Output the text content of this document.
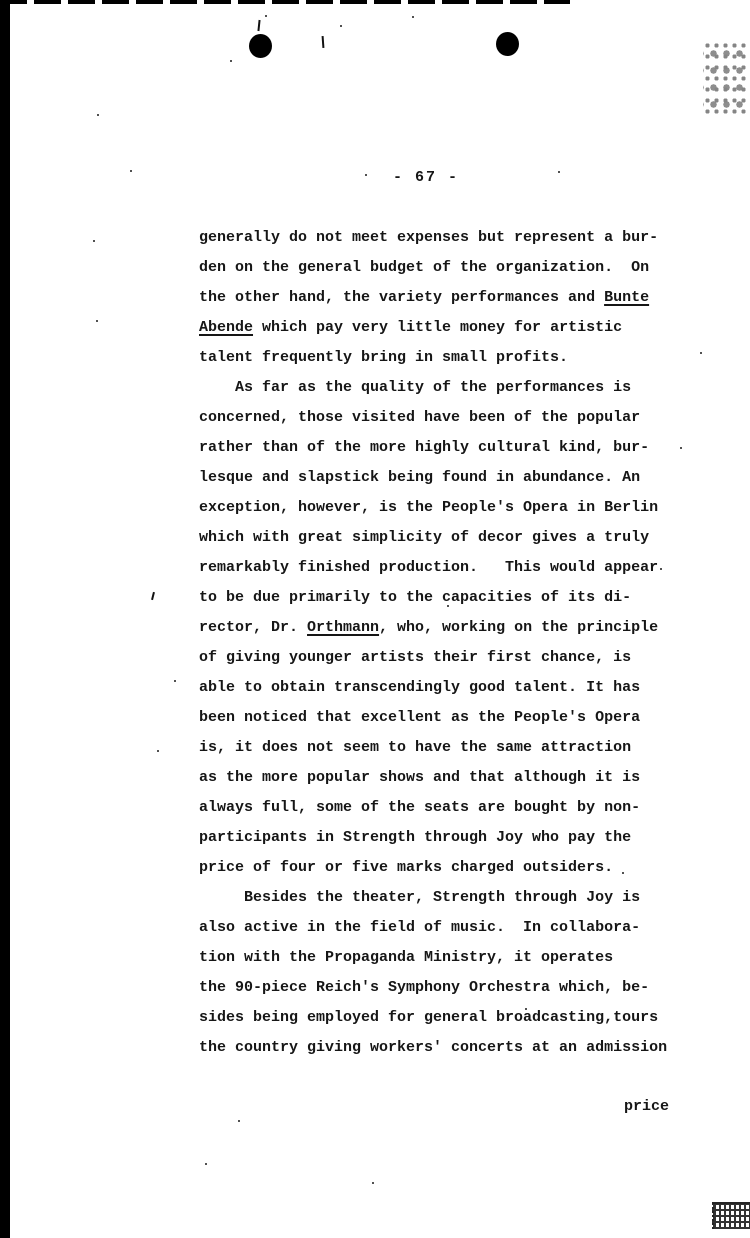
- 67 -
generally do not meet expenses but represent a bur-
den on the general budget of the organization.  On
the other hand, the variety performances and Bunte
Abende which pay very little money for artistic
talent frequently bring in small profits.
As far as the quality of the performances is
concerned, those visited have been of the popular
rather than of the more highly cultural kind, bur-
lesque and slapstick being found in abundance. An
exception, however, is the People's Opera in Berlin
which with great simplicity of decor gives a truly
remarkably finished production.   This would appear
to be due primarily to the capacities of its di-
rector, Dr. Orthmann, who, working on the principle
of giving younger artists their first chance, is
able to obtain transcendingly good talent. It has
been noticed that excellent as the People's Opera
is, it does not seem to have the same attraction
as the more popular shows and that although it is
always full, some of the seats are bought by non-
participants in Strength through Joy who pay the
price of four or five marks charged outsiders.
Besides the theater, Strength through Joy is
also active in the field of music.  In collabora-
tion with the Propaganda Ministry, it operates
the 90-piece Reich's Symphony Orchestra which, be-
sides being employed for general broadcasting,tours
the country giving workers' concerts at an admission
price
